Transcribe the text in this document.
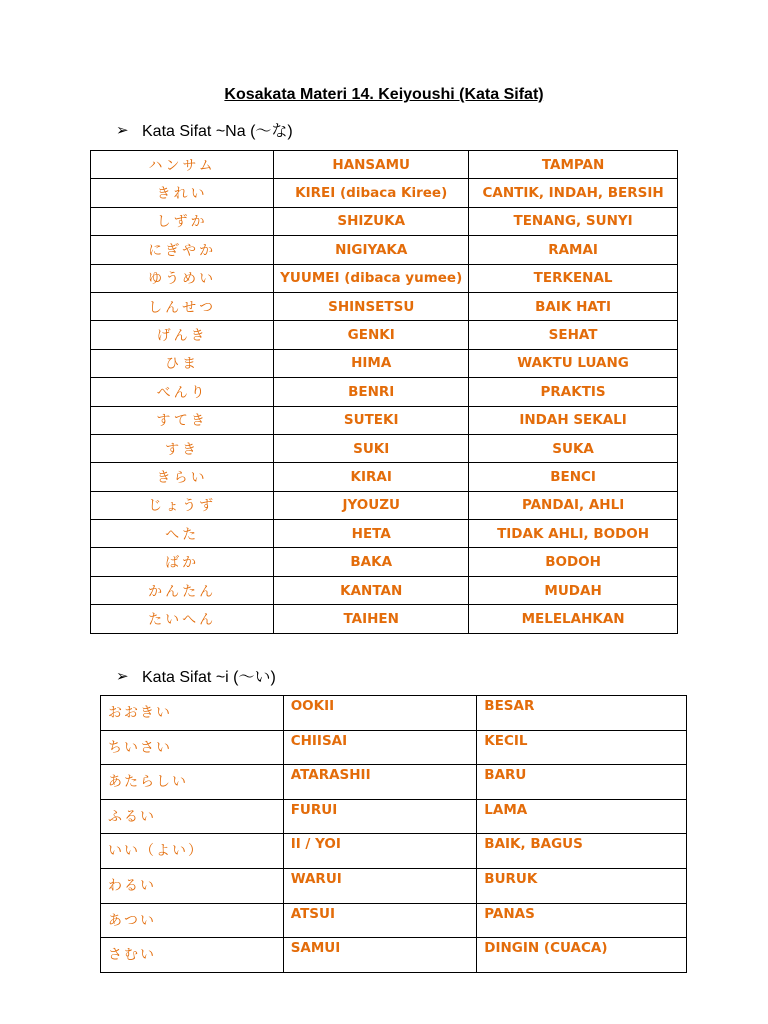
Kosakata Materi 14. Keiyoushi (Kata Sifat)
➢ Kata Sifat ~Na (～な)
ハンサム	HANSAMU	TAMPAN
きれい	KIREI (dibaca Kiree)	CANTIK, INDAH, BERSIH
しずか	SHIZUKA	TENANG, SUNYI
にぎやか	NIGIYAKA	RAMAI
ゆうめい	YUUMEI (dibaca yumee)	TERKENAL
しんせつ	SHINSETSU	BAIK HATI
げんき	GENKI	SEHAT
ひま	HIMA	WAKTU LUANG
べんり	BENRI	PRAKTIS
すてき	SUTEKI	INDAH SEKALI
すき	SUKI	SUKA
きらい	KIRAI	BENCI
じょうず	JYOUZU	PANDAI, AHLI
へた	HETA	TIDAK AHLI, BODOH
ばか	BAKA	BODOH
かんたん	KANTAN	MUDAH
たいへん	TAIHEN	MELELAHKAN
➢ Kata Sifat ~i (～い)
おおきい	OOKII	BESAR
ちいさい	CHIISAI	KECIL
あたらしい	ATARASHII	BARU
ふるい	FURUI	LAMA
いい（よい）	II / YOI	BAIK, BAGUS
わるい	WARUI	BURUK
あつい	ATSUI	PANAS
さむい	SAMUI	DINGIN (CUACA)
